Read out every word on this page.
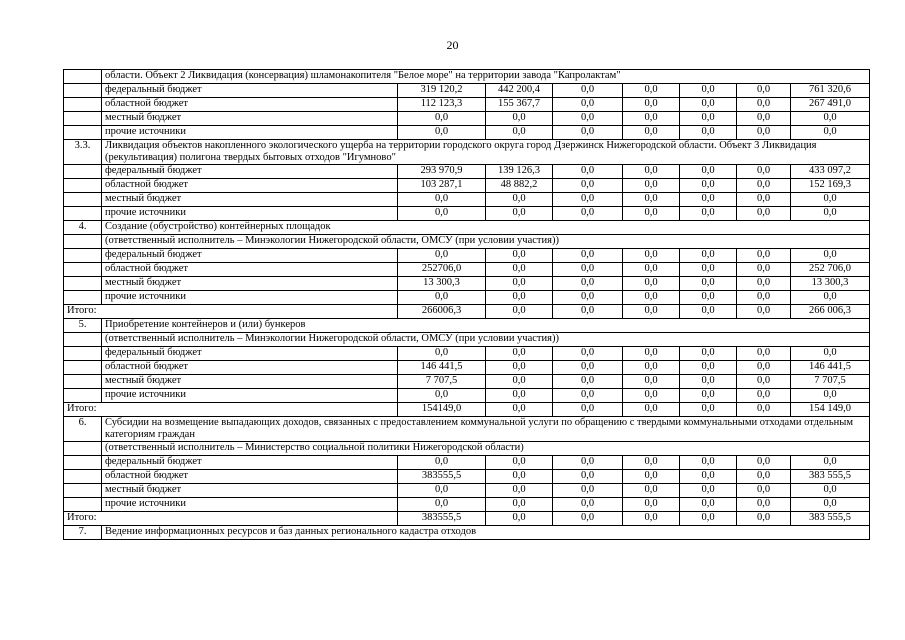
20
	области. Объект 2 Ликвидация (консервация) шламонакопителя "Белое море" на территории завода "Капролактам"							
	федеральный бюджет	319 120,2	442 200,4	0,0	0,0	0,0	0,0	761 320,6
	областной бюджет	112 123,3	155 367,7	0,0	0,0	0,0	0,0	267 491,0
	местный бюджет	0,0	0,0	0,0	0,0	0,0	0,0	0,0
	прочие источники	0,0	0,0	0,0	0,0	0,0	0,0	0,0
3.3.	Ликвидация объектов накопленного экологического ущерба на территории городского округа город Дзержинск Нижегородской области. Объект 3 Ликвидация (рекультивация) полигона твердых бытовых отходов "Игумново"							
	федеральный бюджет	293 970,9	139 126,3	0,0	0,0	0,0	0,0	433 097,2
	областной бюджет	103 287,1	48 882,2	0,0	0,0	0,0	0,0	152 169,3
	местный бюджет	0,0	0,0	0,0	0,0	0,0	0,0	0,0
	прочие источники	0,0	0,0	0,0	0,0	0,0	0,0	0,0
4.	Создание (обустройство) контейнерных площадок							
	(ответственный исполнитель – Минэкологии Нижегородской области, ОМСУ (при условии участия))							
	федеральный бюджет	0,0	0,0	0,0	0,0	0,0	0,0	0,0
	областной бюджет	252706,0	0,0	0,0	0,0	0,0	0,0	252 706,0
	местный бюджет	13 300,3	0,0	0,0	0,0	0,0	0,0	13 300,3
	прочие источники	0,0	0,0	0,0	0,0	0,0	0,0	0,0
Итого:		266006,3	0,0	0,0	0,0	0,0	0,0	266 006,3
5.	Приобретение контейнеров и (или) бункеров							
	(ответственный исполнитель – Минэкологии Нижегородской области, ОМСУ (при условии участия))							
	федеральный бюджет	0,0	0,0	0,0	0,0	0,0	0,0	0,0
	областной бюджет	146 441,5	0,0	0,0	0,0	0,0	0,0	146 441,5
	местный бюджет	7 707,5	0,0	0,0	0,0	0,0	0,0	7 707,5
	прочие источники	0,0	0,0	0,0	0,0	0,0	0,0	0,0
Итого:		154149,0	0,0	0,0	0,0	0,0	0,0	154 149,0
6.	Субсидии на возмещение выпадающих доходов, связанных с предоставлением коммунальной услуги по обращению с твердыми коммунальными отходами отдельным категориям граждан							
	(ответственный исполнитель – Министерство социальной политики Нижегородской области)							
	федеральный бюджет	0,0	0,0	0,0	0,0	0,0	0,0	0,0
	областной бюджет	383555,5	0,0	0,0	0,0	0,0	0,0	383 555,5
	местный бюджет	0,0	0,0	0,0	0,0	0,0	0,0	0,0
	прочие источники	0,0	0,0	0,0	0,0	0,0	0,0	0,0
Итого:		383555,5	0,0	0,0	0,0	0,0	0,0	383 555,5
7.	Ведение информационных ресурсов и баз данных регионального кадастра отходов							
